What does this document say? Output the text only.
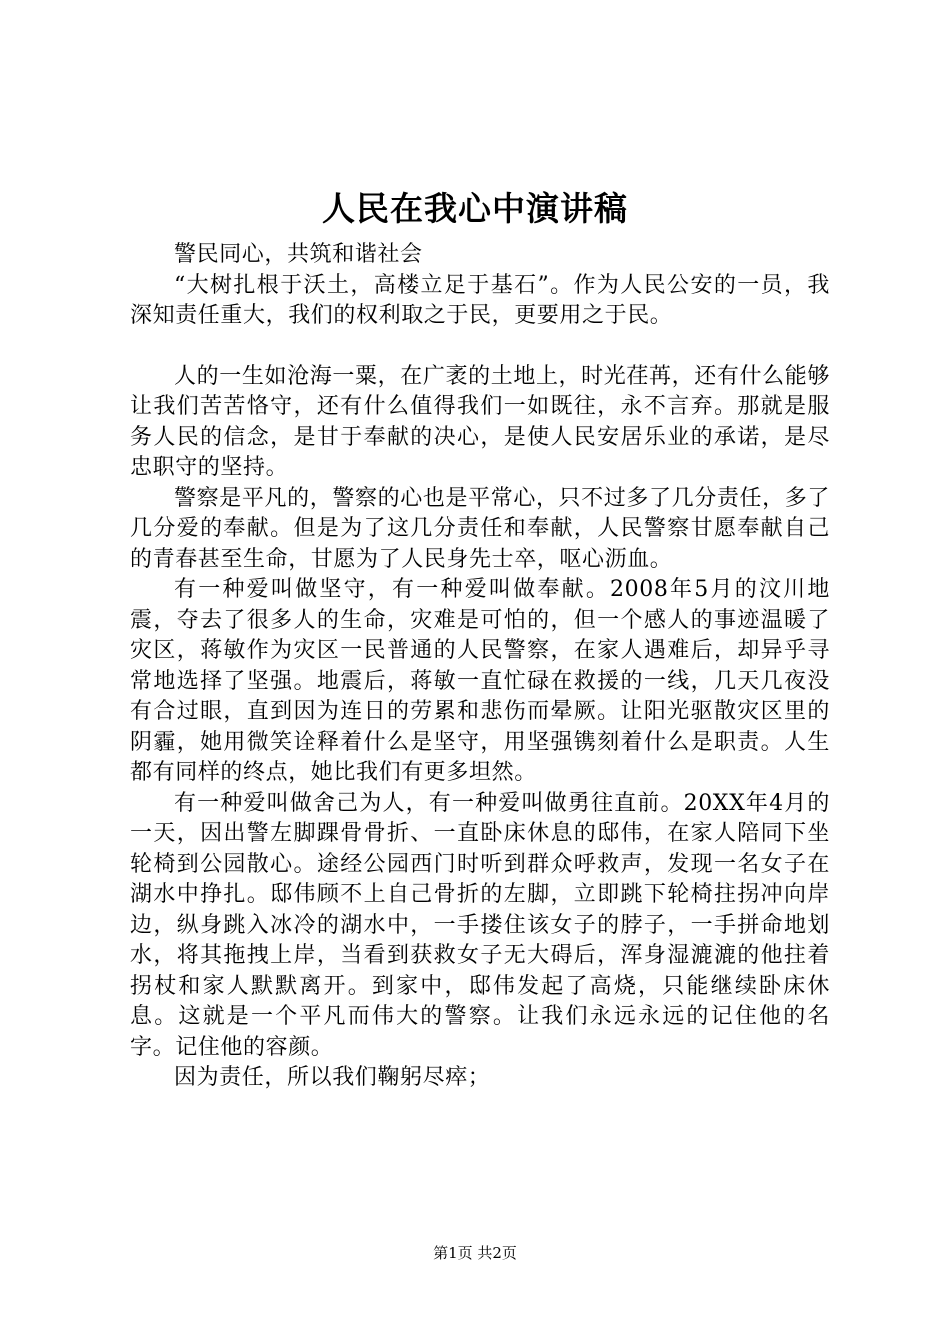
人民在我心中演讲稿

警民同心，共筑和谐社会

“大树扎根于沃土，高楼立足于基石”。作为人民公安的一员，我深知责任重大，我们的权利取之于民，更要用之于民。

人的一生如沧海一粟，在广袤的土地上，时光荏苒，还有什么能够让我们苦苦恪守，还有什么值得我们一如既往，永不言弃。那就是服务人民的信念，是甘于奉献的决心，是使人民安居乐业的承诺，是尽忠职守的坚持。

警察是平凡的，警察的心也是平常心，只不过多了几分责任，多了几分爱的奉献。但是为了这几分责任和奉献，人民警察甘愿奉献自己的青春甚至生命，甘愿为了人民身先士卒，呕心沥血。

有一种爱叫做坚守，有一种爱叫做奉献。2008年5月的汶川地震，夺去了很多人的生命，灾难是可怕的，但一个感人的事迹温暖了灾区，蒋敏作为灾区一民普通的人民警察，在家人遇难后，却异乎寻常地选择了坚强。地震后，蒋敏一直忙碌在救援的一线，几天几夜没有合过眼，直到因为连日的劳累和悲伤而晕厥。让阳光驱散灾区里的阴霾，她用微笑诠释着什么是坚守，用坚强镌刻着什么是职责。人生都有同样的终点，她比我们有更多坦然。

有一种爱叫做舍己为人，有一种爱叫做勇往直前。20XX年4月的一天，因出警左脚踝骨骨折、一直卧床休息的邸伟，在家人陪同下坐轮椅到公园散心。途经公园西门时听到群众呼救声，发现一名女子在湖水中挣扎。邸伟顾不上自己骨折的左脚，立即跳下轮椅拄拐冲向岸边，纵身跳入冰冷的湖水中，一手搂住该女子的脖子，一手拼命地划水，将其拖拽上岸，当看到获救女子无大碍后，浑身湿漉漉的他拄着拐杖和家人默默离开。到家中，邸伟发起了高烧，只能继续卧床休息。这就是一个平凡而伟大的警察。让我们永远永远的记住他的名字。记住他的容颜。

因为责任，所以我们鞠躬尽瘁；

第1页 共2页
